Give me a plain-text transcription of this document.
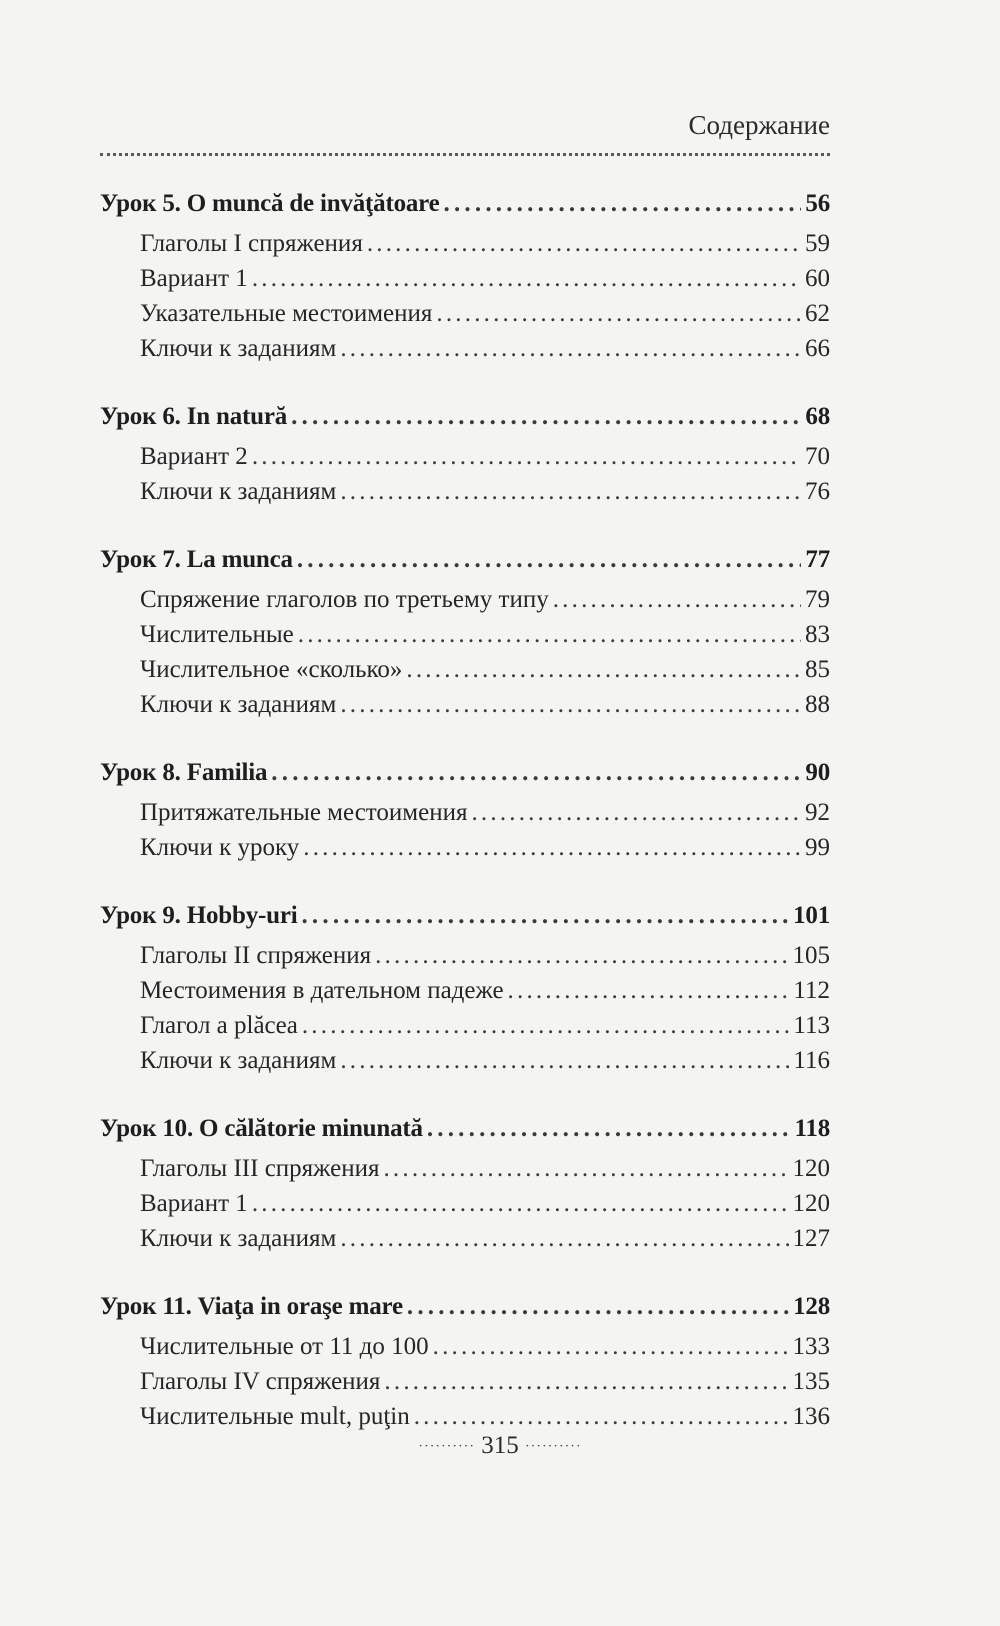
Содержание
Урок 5. O muncă de invăţătoare .....	56
Глаголы I спряжения .....	59
Вариант 1 .....	60
Указательные местоимения .....	62
Ключи к заданиям .....	66
Урок 6. In natură .....	68
Вариант 2 .....	70
Ключи к заданиям .....	76
Урок 7. La munca .....	77
Спряжение глаголов по третьему типу .....	79
Числительные .....	83
Числительное «сколько» .....	85
Ключи к заданиям .....	88
Урок 8. Familia .....	90
Притяжательные местоимения .....	92
Ключи к уроку .....	99
Урок 9. Hobby-uri .....	101
Глаголы II спряжения .....	105
Местоимения в дательном падеже .....	112
Глагол a plăcea .....	113
Ключи к заданиям .....	116
Урок 10. O călătorie minunată .....	118
Глаголы III спряжения .....	120
Вариант 1 .....	120
Ключи к заданиям .....	127
Урок 11. Viaţa in oraşe mare .....	128
Числительные от 11 до 100 .....	133
Глаголы IV спряжения .....	135
Числительные mult, puţin .....	136
·········· 315 ··········
